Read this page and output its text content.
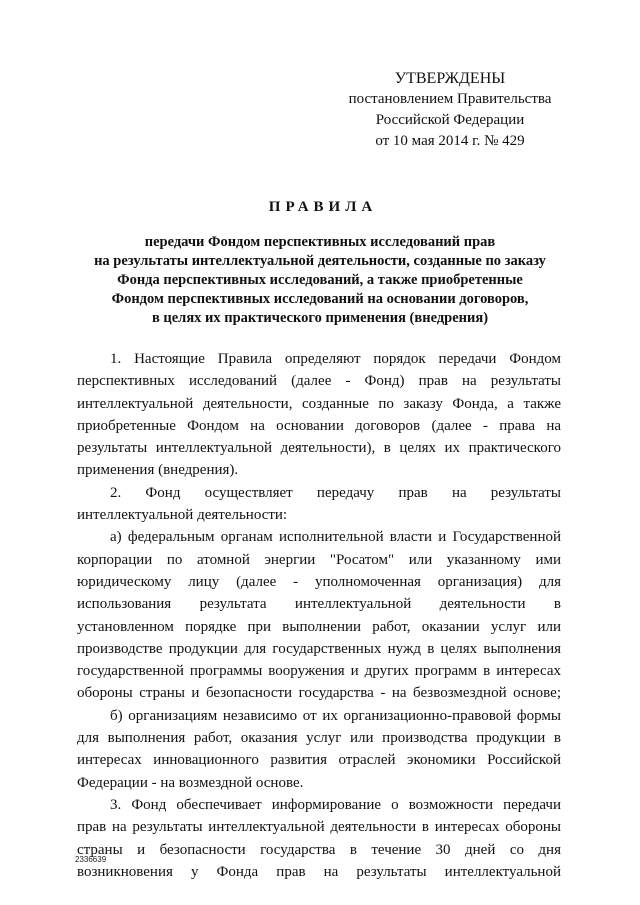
УТВЕРЖДЕНЫ
постановлением Правительства
Российской Федерации
от 10 мая 2014 г. № 429
ПРАВИЛА
передачи Фондом перспективных исследований прав
на результаты интеллектуальной деятельности, созданные по заказу
Фонда перспективных исследований, а также приобретенные
Фондом перспективных исследований на основании договоров,
в целях их практического применения (внедрения)
1. Настоящие Правила определяют порядок передачи Фондом
перспективных исследований (далее - Фонд) прав на результаты
интеллектуальной деятельности, созданные по заказу Фонда, а также
приобретенные Фондом на основании договоров (далее - права на
результаты интеллектуальной деятельности), в целях их практического
применения (внедрения).
2. Фонд осуществляет передачу прав на результаты
интеллектуальной деятельности:
а) федеральным органам исполнительной власти и Государственной
корпорации по атомной энергии "Росатом" или указанному ими
юридическому лицу (далее - уполномоченная организация) для
использования результата интеллектуальной деятельности в
установленном порядке при выполнении работ, оказании услуг или
производстве продукции для государственных нужд в целях выполнения
государственной программы вооружения и других программ в интересах
обороны страны и безопасности государства - на безвозмездной основе;
б) организациям независимо от их организационно-правовой формы
для выполнения работ, оказания услуг или производства продукции в
интересах инновационного развития отраслей экономики Российской
Федерации - на возмездной основе.
3. Фонд обеспечивает информирование о возможности передачи
прав на результаты интеллектуальной деятельности в интересах обороны
страны и безопасности государства в течение 30 дней со дня
возникновения у Фонда прав на результаты интеллектуальной
2336639
